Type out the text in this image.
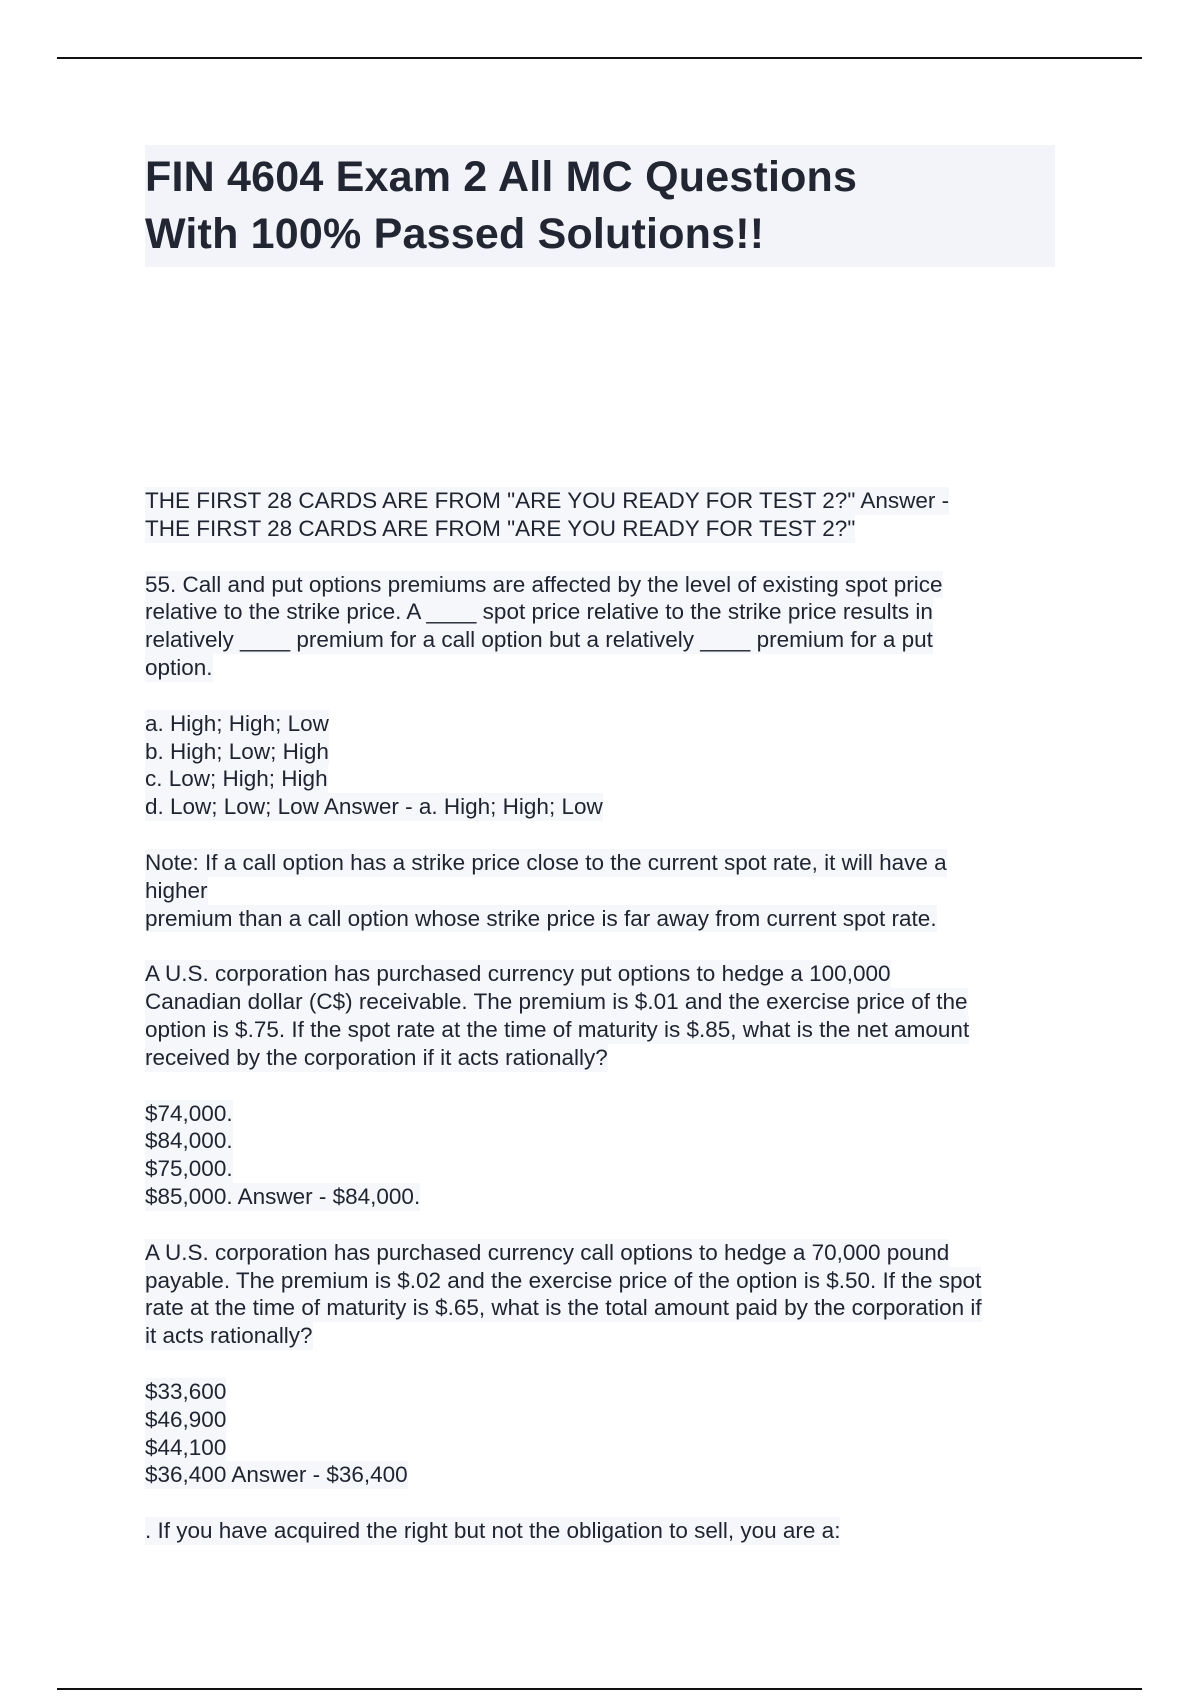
FIN 4604 Exam 2 All MC Questions
With 100% Passed Solutions!!
THE FIRST 28 CARDS ARE FROM "ARE YOU READY FOR TEST 2?" Answer -
THE FIRST 28 CARDS ARE FROM "ARE YOU READY FOR TEST 2?"
55. Call and put options premiums are affected by the level of existing spot price
relative to the strike price. A ____ spot price relative to the strike price results in
relatively ____ premium for a call option but a relatively ____ premium for a put
option.
a. High; High; Low
b. High; Low; High
c. Low; High; High
d. Low; Low; Low Answer - a. High; High; Low
Note: If a call option has a strike price close to the current spot rate, it will have a
higher
premium than a call option whose strike price is far away from current spot rate.
A U.S. corporation has purchased currency put options to hedge a 100,000
Canadian dollar (C$) receivable. The premium is $.01 and the exercise price of the
option is $.75. If the spot rate at the time of maturity is $.85, what is the net amount
received by the corporation if it acts rationally?
$74,000.
$84,000.
$75,000.
$85,000. Answer - $84,000.
A U.S. corporation has purchased currency call options to hedge a 70,000 pound
payable. The premium is $.02 and the exercise price of the option is $.50. If the spot
rate at the time of maturity is $.65, what is the total amount paid by the corporation if
it acts rationally?
$33,600
$46,900
$44,100
$36,400 Answer - $36,400
. If you have acquired the right but not the obligation to sell, you are a:
